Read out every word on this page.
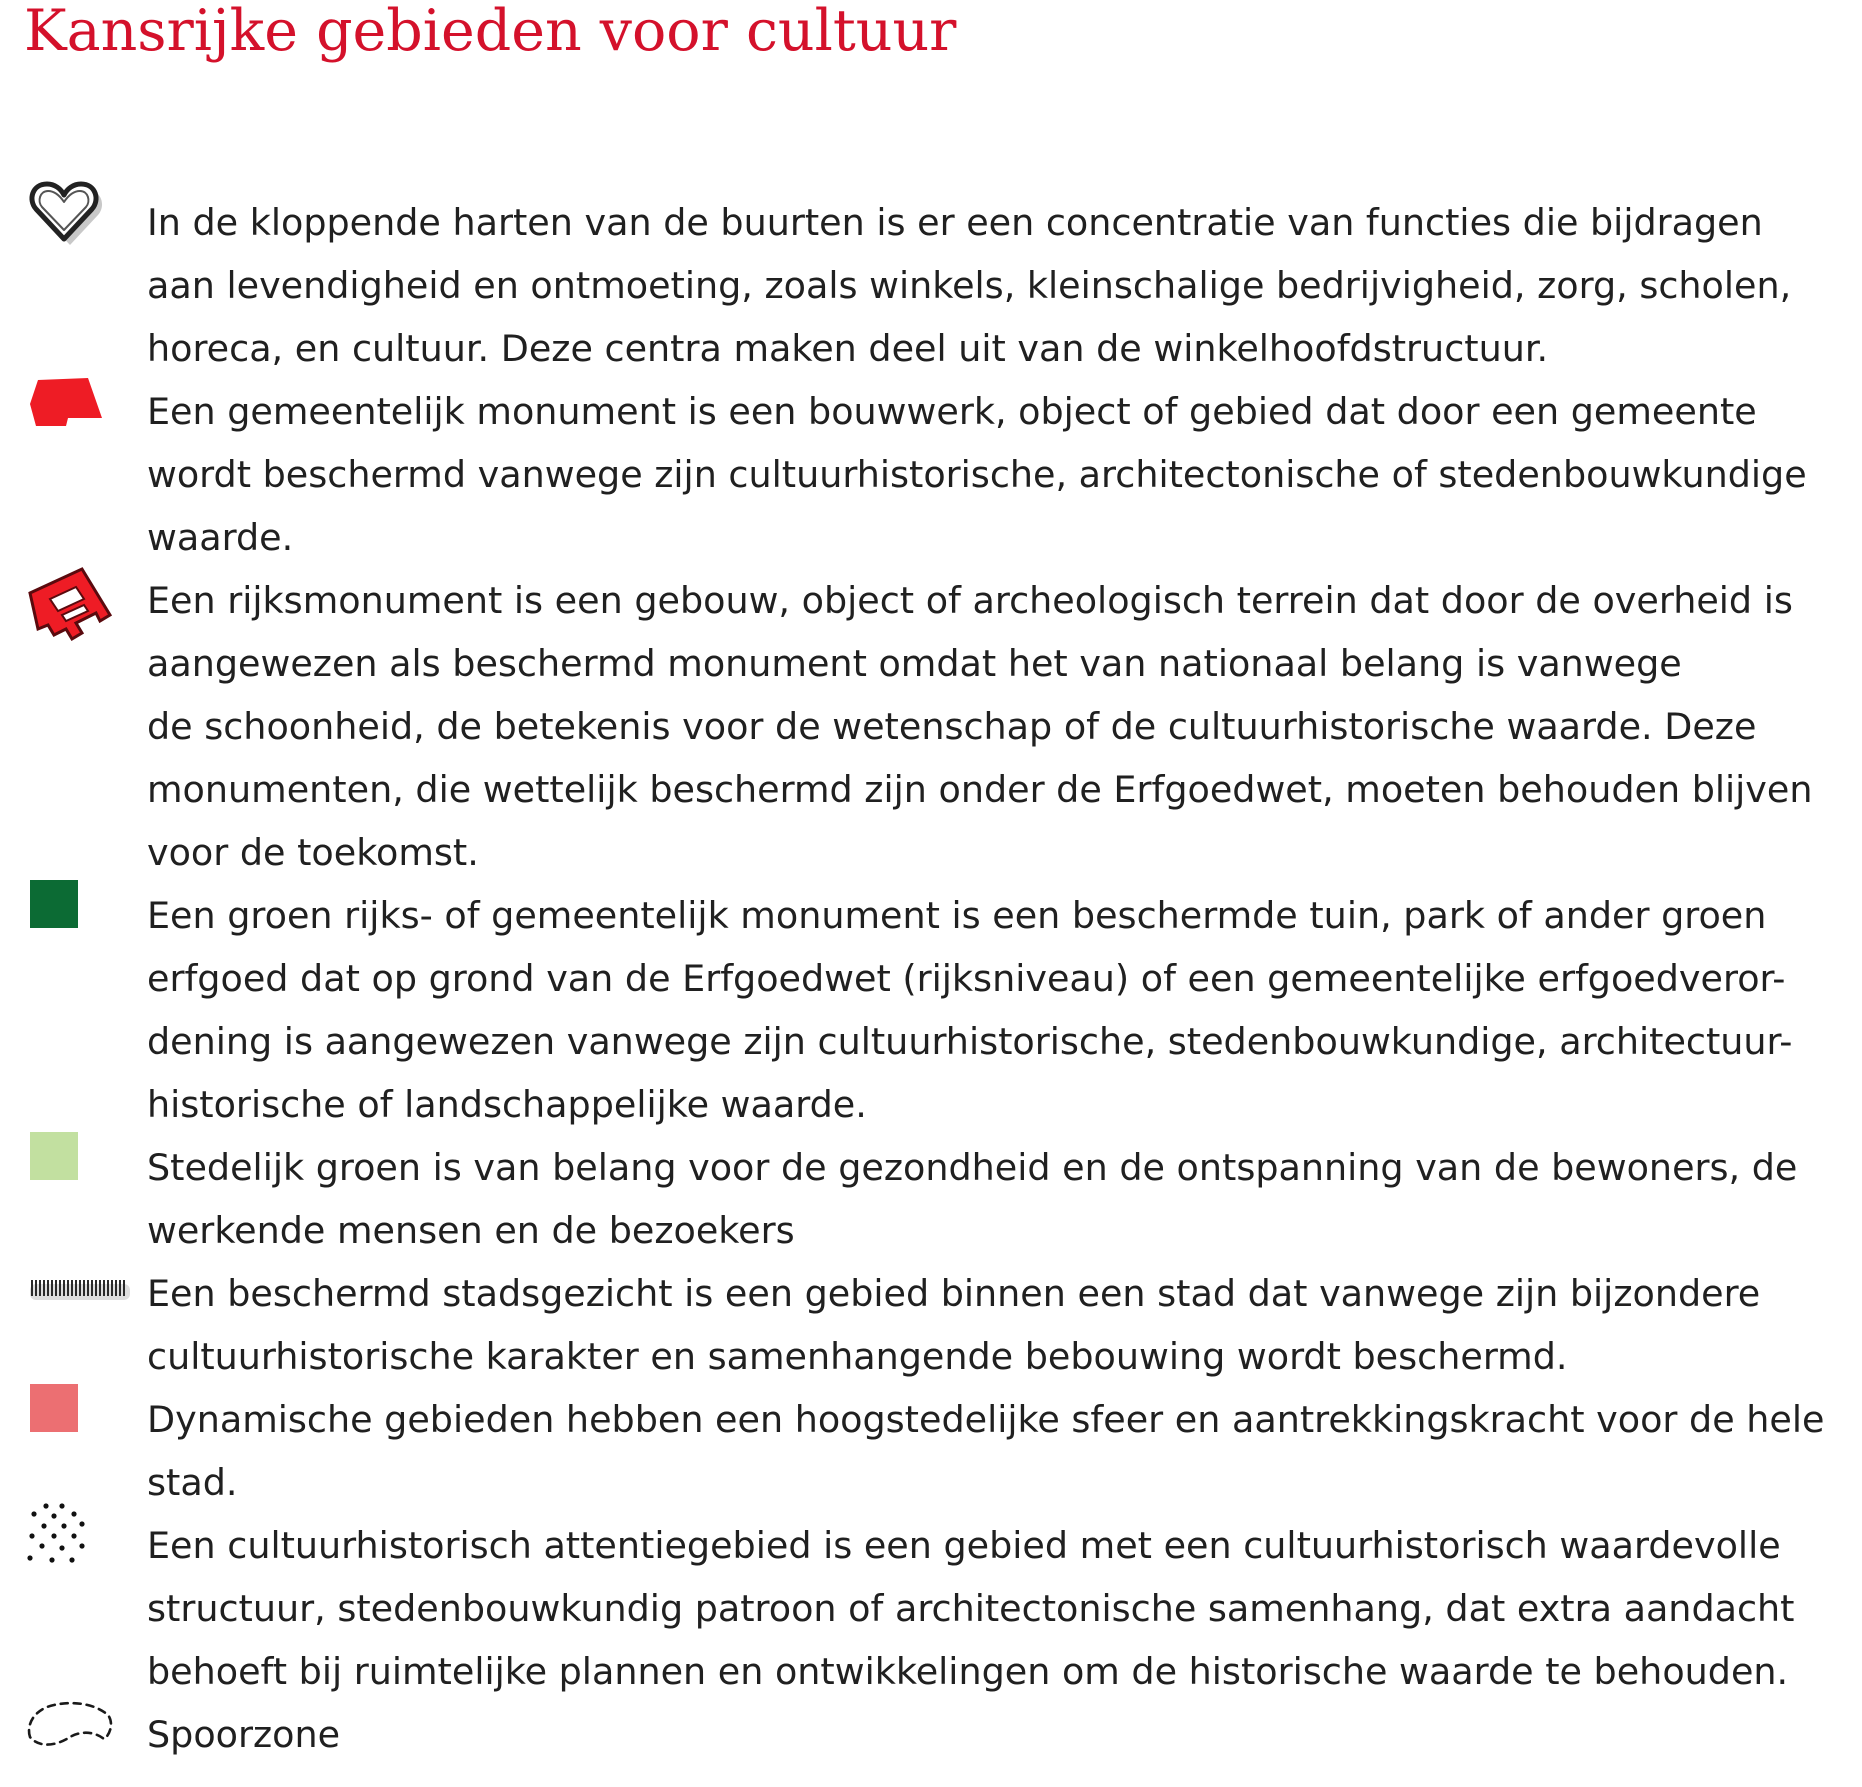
Kansrijke gebieden voor cultuur

In de kloppende harten van de buurten is er een concentratie van functies die bijdragen
aan levendigheid en ontmoeting, zoals winkels, kleinschalige bedrijvigheid, zorg, scholen,
horeca, en cultuur. Deze centra maken deel uit van de winkelhoofdstructuur.

Een gemeentelijk monument is een bouwwerk, object of gebied dat door een gemeente
wordt beschermd vanwege zijn cultuurhistorische, architectonische of stedenbouwkundige
waarde.

Een rijksmonument is een gebouw, object of archeologisch terrein dat door de overheid is
aangewezen als beschermd monument omdat het van nationaal belang is vanwege
de schoonheid, de betekenis voor de wetenschap of de cultuurhistorische waarde. Deze
monumenten, die wettelijk beschermd zijn onder de Erfgoedwet, moeten behouden blijven
voor de toekomst.

Een groen rijks- of gemeentelijk monument is een beschermde tuin, park of ander groen
erfgoed dat op grond van de Erfgoedwet (rijksniveau) of een gemeentelijke erfgoedveror-
dening is aangewezen vanwege zijn cultuurhistorische, stedenbouwkundige, architectuur-
historische of landschappelijke waarde.

Stedelijk groen is van belang voor de gezondheid en de ontspanning van de bewoners, de
werkende mensen en de bezoekers

Een beschermd stadsgezicht is een gebied binnen een stad dat vanwege zijn bijzondere
cultuurhistorische karakter en samenhangende bebouwing wordt beschermd.

Dynamische gebieden hebben een hoogstedelijke sfeer en aantrekkingskracht voor de hele
stad.

Een cultuurhistorisch attentiegebied is een gebied met een cultuurhistorisch waardevolle
structuur, stedenbouwkundig patroon of architectonische samenhang, dat extra aandacht
behoeft bij ruimtelijke plannen en ontwikkelingen om de historische waarde te behouden.

Spoorzone
